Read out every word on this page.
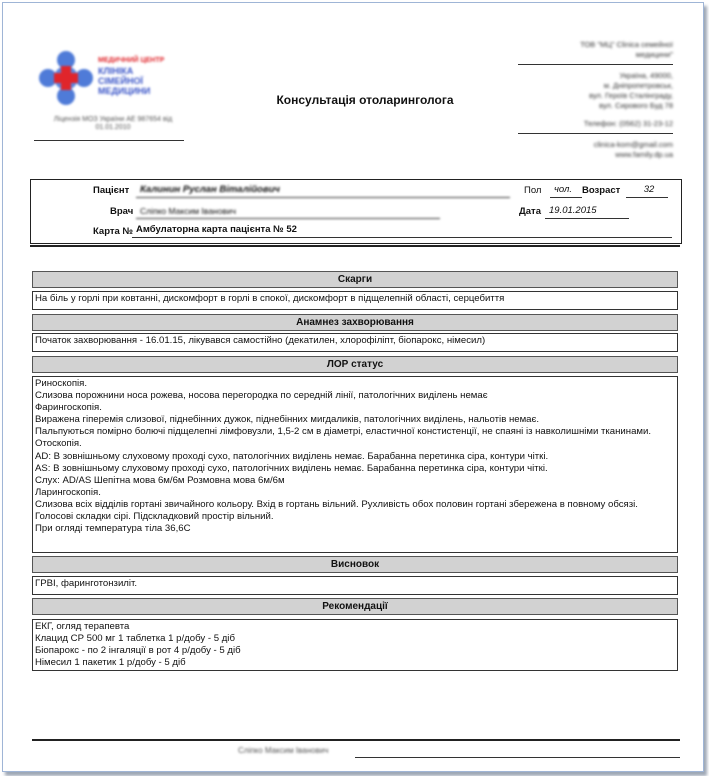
МЕДИЧНИЙ ЦЕНТР
КЛІНІКА
СІМЕЙНОЇ
МЕДИЦИНИ
Ліцензія МОЗ України АЕ 987654 від 01.01.2010
Консультація отоларинголога
ТОВ "МЦ" Clinica семейної
медицини"
Україна, 49000,
м. Дніпропетровськ,
вул. Героїв Сталінграду,
вул. Сирового Буд 78
Телефон: (0562) 31-23-12
clinica-kom@gmail.com
www.family.dp.ua
Пацієнт	Калинин Руслан Віталійович
Врач Сліпко Максим Іванович
Карта № Амбулаторна карта пацієнта № 52
Пол	чол.	Возраст	32
Дата 19.01.2015
Скарги
На біль у горлі при ковтанні, дискомфорт в горлі в спокої, дискомфорт в підщелепній області, серцебиття
Анамнез захворювання
Початок захворювання - 16.01.15, лікувався самостійно (декатилен, хлорофіліпт, біопарокс, німесил)
ЛОР статус
Риноскопія.
Слизова порожнини носа рожева, носова перегородка по середній лінії, патологічних виділень немає
Фарингоскопія.
Виражена гіперемія слизової, піднебінних дужок, піднебінних мигдаликів, патологічних виділень, нальотів немає.
Пальпуються помірно болючі підщелепні лімфовузли, 1,5-2 см в діаметрі, еластичної констистенції, не спаяні із навколишніми тканинами.
Отоскопія.
AD: В зовнішньому слуховому проході сухо, патологічних виділень немає. Барабанна перетинка сіра, контури чіткі.
AS: В зовнішньому слуховому проході сухо, патологічних виділень немає. Барабанна перетинка сіра, контури чіткі.
Слух: AD/AS Шепітна мова 6м/6м Розмовна мова 6м/6м
Ларингоскопія.
Слизова всіх відділів гортані звичайного кольору. Вхід в гортань вільний. Рухливість обох половин гортані збережена в повному обсязі. Голосові складки сірі. Підскладковий простір вільний.
При огляді температура тіла 36,6С
Висновок
ГРВІ, фаринготонзиліт.
Рекомендації
ЕКГ, огляд терапевта
Клацид СР 500 мг 1 таблетка 1 р/добу - 5 діб
Біопарокс - по 2 інгаляції в рот 4 р/добу - 5 діб
Німесил 1 пакетик 1 р/добу - 5 діб
Сліпко Максим Іванович
